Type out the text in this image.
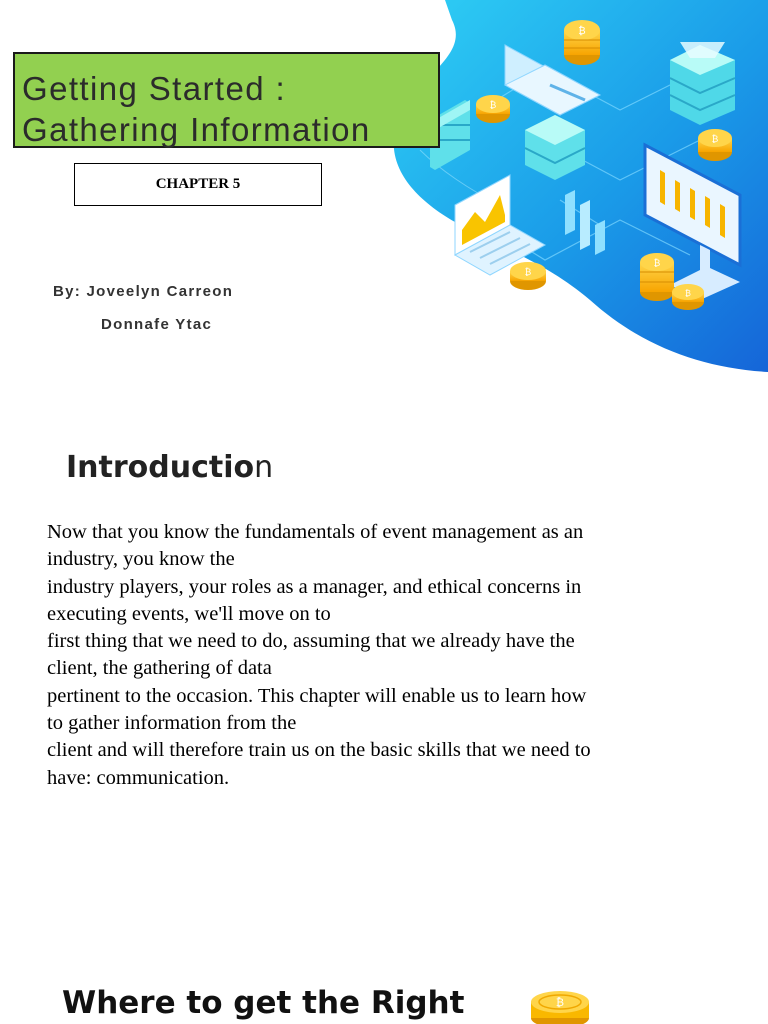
₿
₿
₿
₿
₿
₿
Getting Started :
Gathering Information
CHAPTER 5
By: Joveelyn Carreon
Donnafe Ytac
Introduction

Now that you know the fundamentals of event management as an
industry, you know the
industry players, your roles as a manager, and ethical concerns in
executing events, we'll move on to
first thing that we need to do, assuming that we already have the
client, the gathering of data
pertinent to the occasion. This chapter will enable us to learn how
to gather information from the
client and will therefore train us on the basic skills that we need to
have: communication.

Where to get the Right	₿
